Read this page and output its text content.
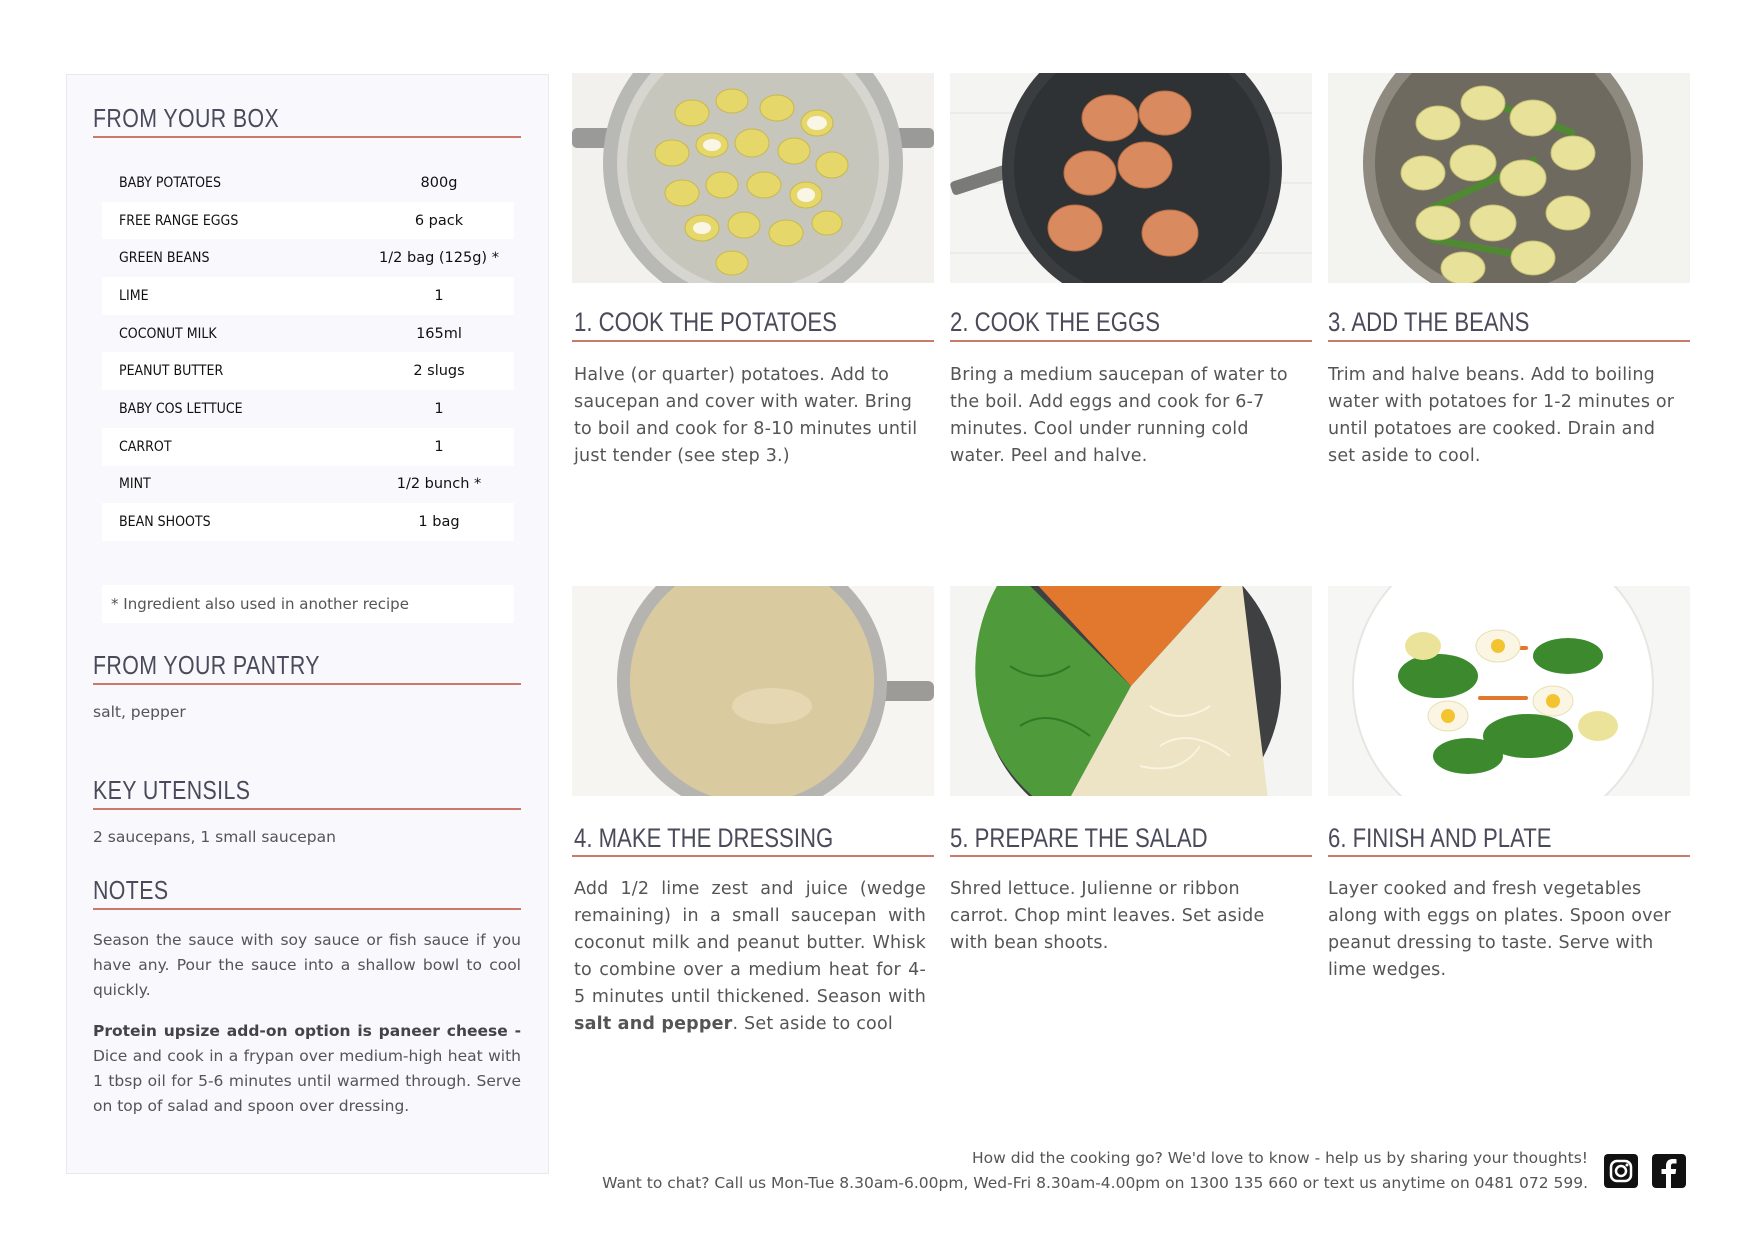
FROM YOUR BOX
BABY POTATOES	800g
FREE RANGE EGGS	6 pack
GREEN BEANS	1/2 bag (125g) *
LIME	1
COCONUT MILK	165ml
PEANUT BUTTER	2 slugs
BABY COS LETTUCE	1
CARROT	1
MINT	1/2 bunch *
BEAN SHOOTS	1 bag
* Ingredient also used in another recipe
FROM YOUR PANTRY
salt, pepper
KEY UTENSILS
2 saucepans, 1 small saucepan
NOTES

Season the sauce with soy sauce or fish sauce if you have any. Pour the sauce into a shallow bowl to cool quickly.

Protein upsize add-on option is paneer cheese - Dice and cook in a frypan over medium-high heat with 1 tbsp oil for 5-6 minutes until warmed through. Serve on top of salad and spoon over dressing.

1. COOK THE POTATOES

Halve (or quarter) potatoes. Add to saucepan and cover with water. Bring to boil and cook for 8-10 minutes until just tender (see step 3.)

2. COOK THE EGGS

Bring a medium saucepan of water to the boil. Add eggs and cook for 6-7 minutes. Cool under running cold water. Peel and halve.

3. ADD THE BEANS

Trim and halve beans. Add to boiling water with potatoes for 1-2 minutes or until potatoes are cooked. Drain and set aside to cool.

4. MAKE THE DRESSING

Add 1/2 lime zest and juice (wedge remaining) in a small saucepan with coconut milk and peanut butter. Whisk to combine over a medium heat for 4-5 minutes until thickened. Season with salt and pepper. Set aside to cool

5. PREPARE THE SALAD

Shred lettuce. Julienne or ribbon carrot. Chop mint leaves. Set aside with bean shoots.

6. FINISH AND PLATE

Layer cooked and fresh vegetables along with eggs on plates. Spoon over peanut dressing to taste. Serve with lime wedges.

How did the cooking go? We'd love to know - help us by sharing your thoughts!
Want to chat? Call us Mon-Tue 8.30am-6.00pm, Wed-Fri 8.30am-4.00pm on 1300 135 660 or text us anytime on 0481 072 599.
